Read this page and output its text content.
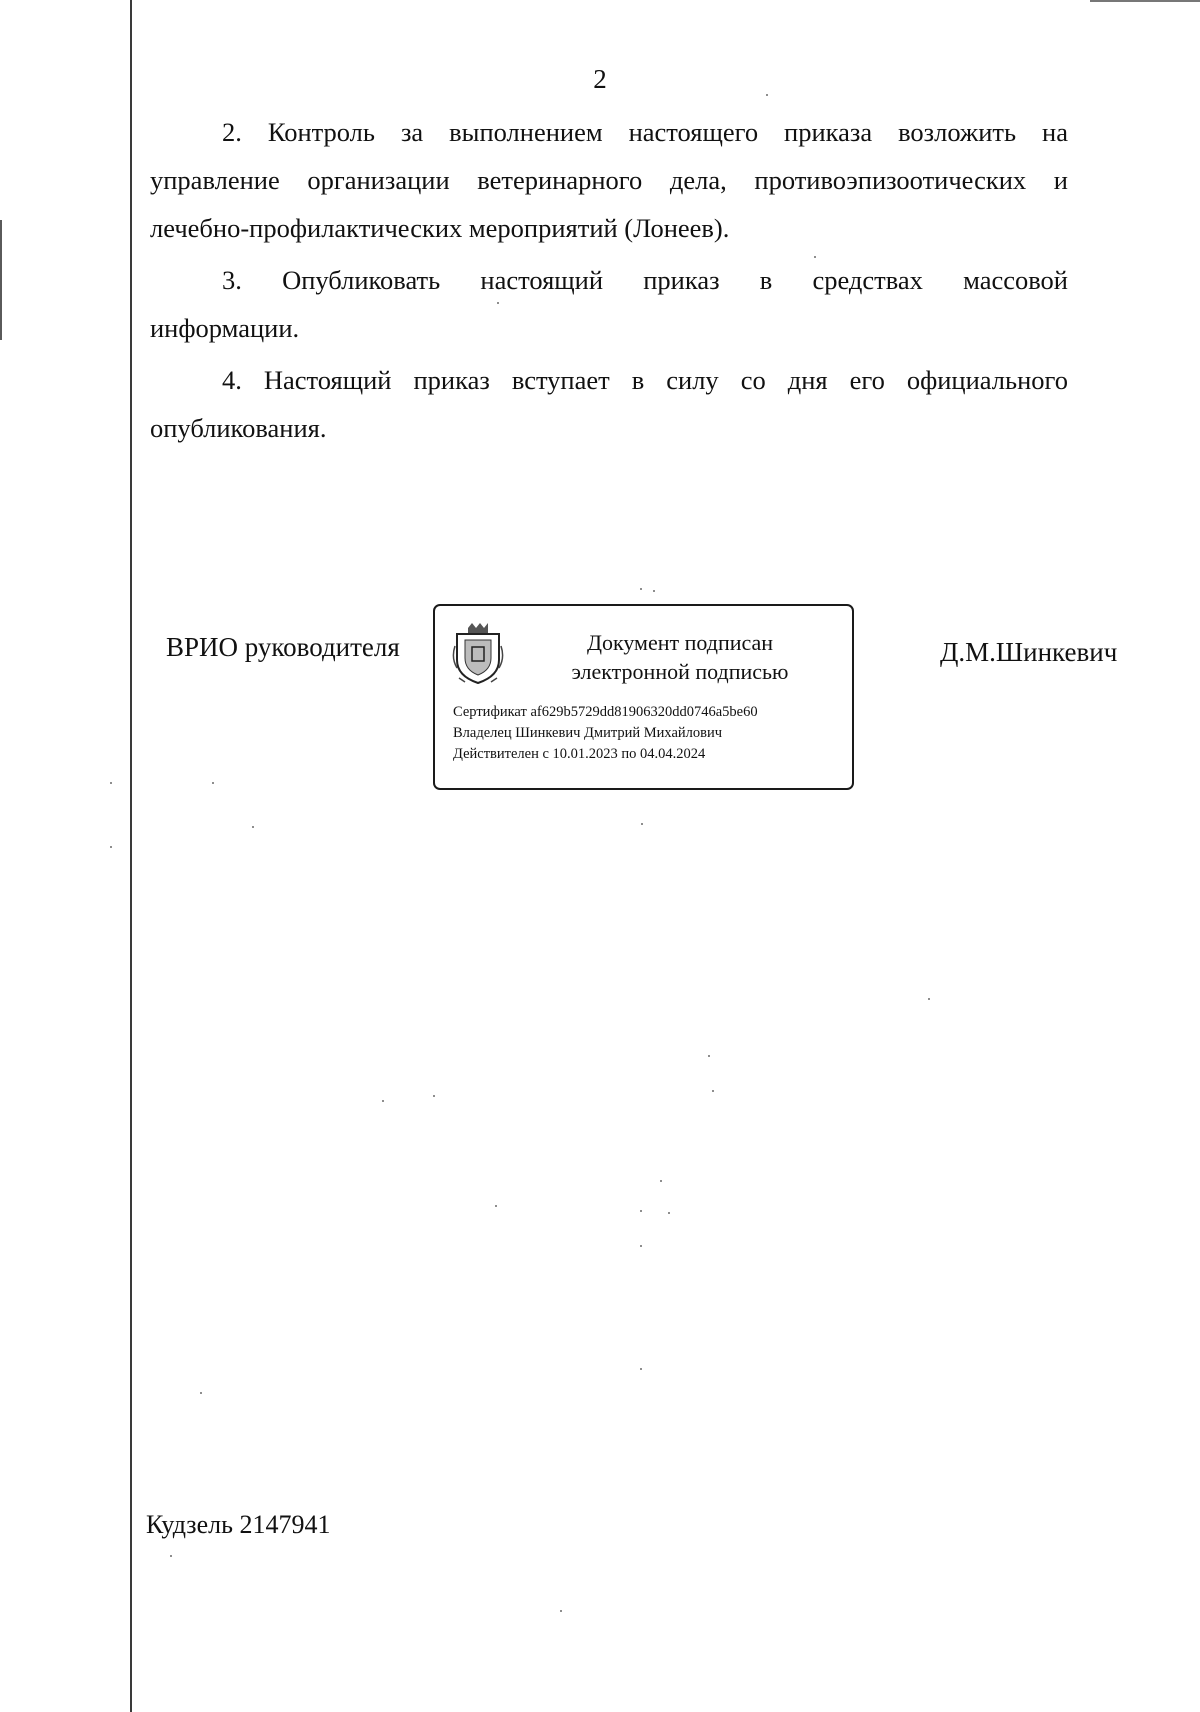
2

2. Контроль за выполнением настоящего приказа возложить на управление организации ветеринарного дела, противоэпизоотических и лечебно-профилактических мероприятий (Лонеев).

3. Опубликовать настоящий приказ в средствах массовой информации.

4. Настоящий приказ вступает в силу со дня его официального опубликования.

ВРИО руководителя	Документ подписан
электронной подписью
Сертификат af629b5729dd81906320dd0746a5be60
Владелец Шинкевич Дмитрий Михайлович
Действителен с 10.01.2023 по 04.04.2024
Д.М.Шинкевич
Кудзель 2147941
